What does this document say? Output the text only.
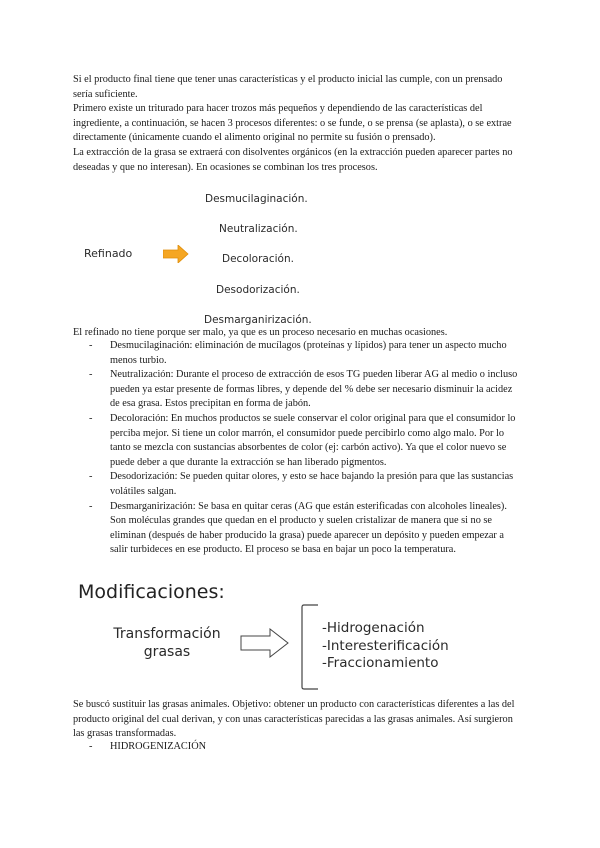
Si el producto final tiene que tener unas características y el producto inicial las cumple, con un prensado sería suficiente.

Primero existe un triturado para hacer trozos más pequeños y dependiendo de las características del ingrediente, a continuación, se hacen 3 procesos diferentes: o se funde, o se prensa (se aplasta), o se extrae directamente (únicamente cuando el alimento original no permite su fusión o prensado).

La extracción de la grasa se extraerá con disolventes orgánicos (en la extracción pueden aparecer partes no deseadas y que no interesan). En ocasiones se combinan los tres procesos.

Refinado
Desmucilaginación.
Neutralización.
Decoloración.
Desodorización.
Desmarganirización.

El refinado no tiene porque ser malo, ya que es un proceso necesario en muchas ocasiones.

- Desmucilaginación: eliminación de mucílagos (proteínas y lípidos) para tener un aspecto mucho menos turbio.
- Neutralización: Durante el proceso de extracción de esos TG pueden liberar AG al medio o incluso pueden ya estar presente de formas libres, y depende del % debe ser necesario disminuir la acidez de esa grasa. Estos precipitan en forma de jabón.
- Decoloración: En muchos productos se suele conservar el color original para que el consumidor lo perciba mejor. Si tiene un color marrón, el consumidor puede percibirlo como algo malo. Por lo tanto se mezcla con sustancias absorbentes de color (ej: carbón activo). Ya que el color nuevo se puede deber a que durante la extracción se han liberado pigmentos.
- Desodorización: Se pueden quitar olores, y esto se hace bajando la presión para que las sustancias volátiles salgan.
- Desmarganirización: Se basa en quitar ceras (AG que están esterificadas con alcoholes lineales). Son moléculas grandes que quedan en el producto y suelen cristalizar de manera que si no se eliminan (después de haber producido la grasa) puede aparecer un depósito y pueden empezar a salir turbideces en ese producto. El proceso se basa en bajar un poco la temperatura.
Modificaciones:
Transformación grasas
-Hidrogenación
-Interesterificación
-Fraccionamiento

Se buscó sustituir las grasas animales. Objetivo: obtener un producto con características diferentes a las del producto original del cual derivan, y con unas características parecidas a las grasas animales. Así surgieron las grasas transformadas.

- HIDROGENIZACIÓN
